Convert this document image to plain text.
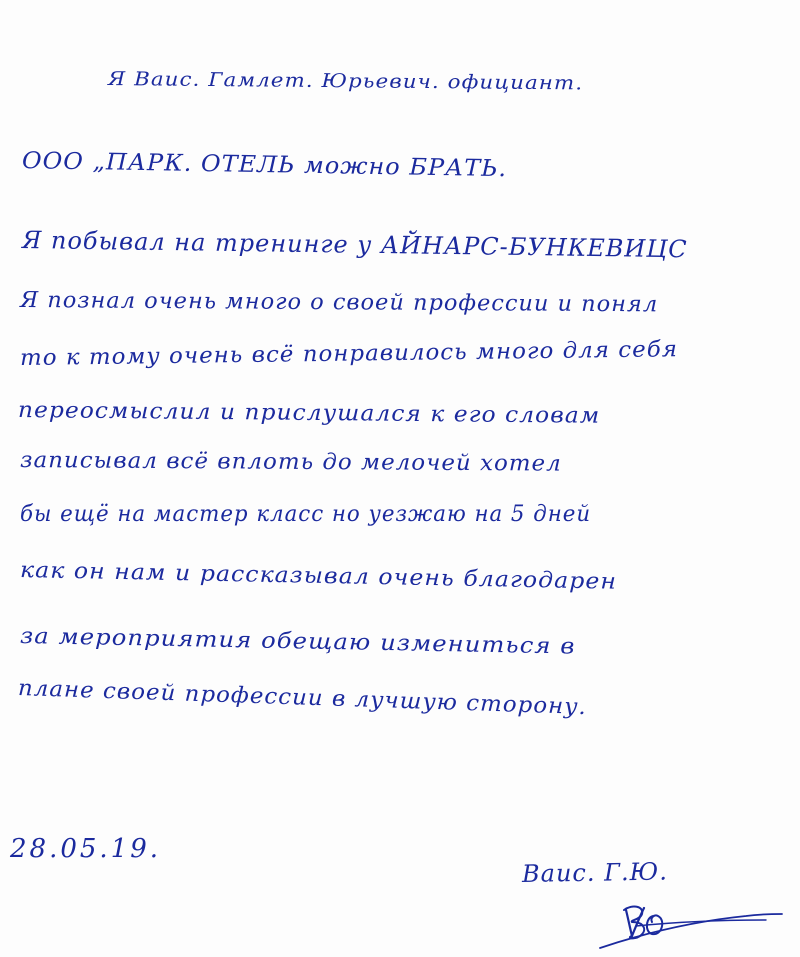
Я Ваис. Гамлет. Юрьевич. официант.
ООО „ПАРК. ОТЕЛЬ можно БРАТЬ.
Я побывал на тренинге у АЙНАРС-БУНКЕВИЦС
Я познал очень много о своей профессии и понял
то к тому очень всё понравилось много для себя
переосмыслил и прислушался к его словам
записывал всё вплоть до мелочей хотел
бы ещё на мастер класс но уезжаю на 5 дней
как он нам и рассказывал очень благодарен
за мероприятия обещаю измениться в
плане своей профессии в лучшую сторону.
28.05.19.
Ваис. Г.Ю.
